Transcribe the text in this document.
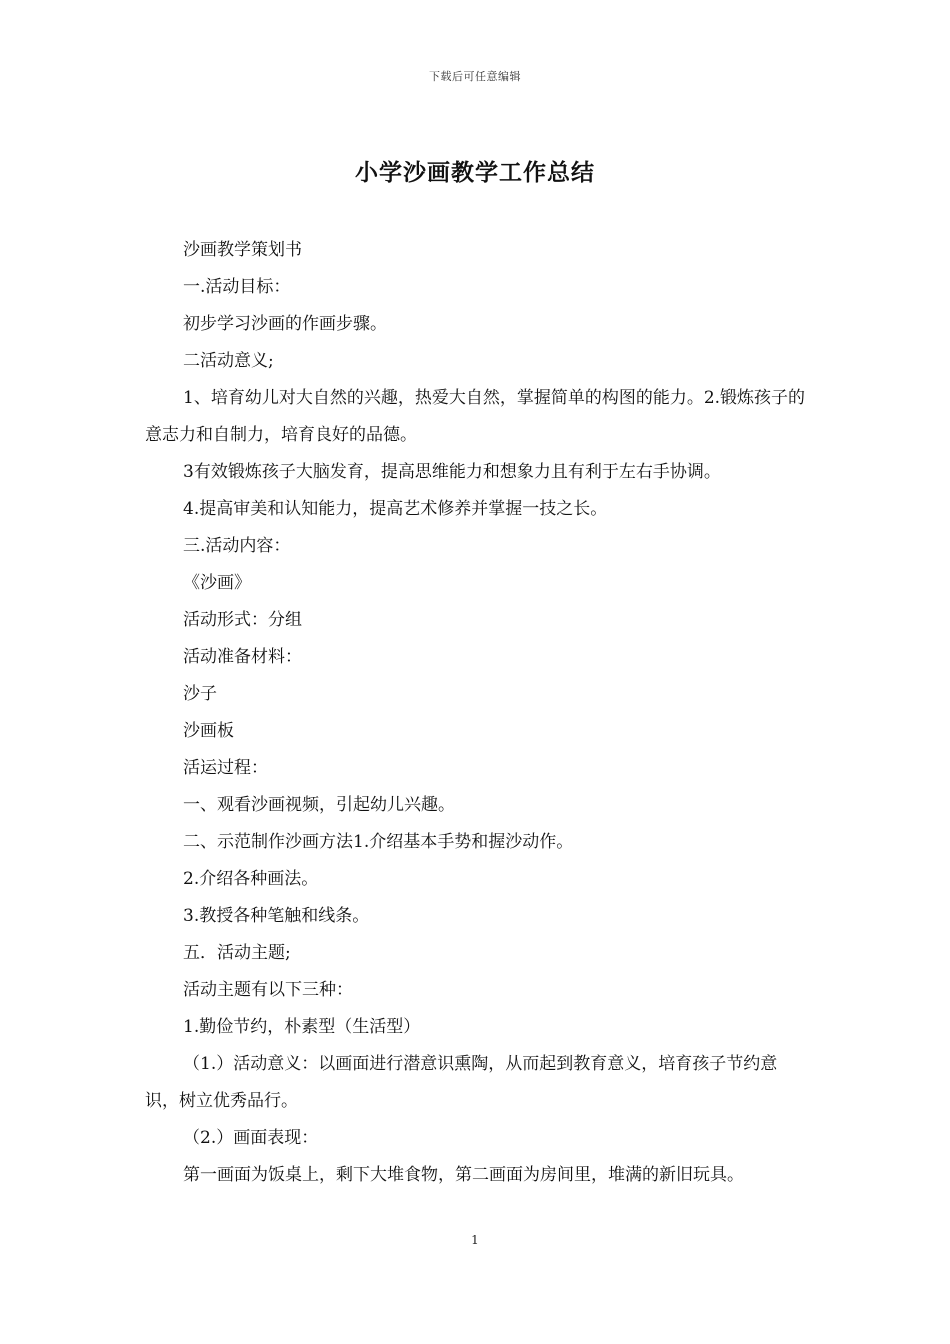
下载后可任意编辑
小学沙画教学工作总结

沙画教学策划书

一.活动目标：

初步学习沙画的作画步骤。

二活动意义;

1、培育幼儿对大自然的兴趣，热爱大自然，掌握简单的构图的能力。2.锻炼孩子的意志力和自制力，培育良好的品德。

3有效锻炼孩子大脑发育，提高思维能力和想象力且有利于左右手协调。

4.提高审美和认知能力，提高艺术修养并掌握一技之长。

三.活动内容：

《沙画》

活动形式：分组

活动准备材料：

沙子

沙画板

活运过程：

一、观看沙画视频，引起幼儿兴趣。

二、示范制作沙画方法1.介绍基本手势和握沙动作。

2.介绍各种画法。

3.教授各种笔触和线条。

五．活动主题;

活动主题有以下三种：

1.勤俭节约，朴素型（生活型）

（1.）活动意义：以画面进行潜意识熏陶，从而起到教育意义，培育孩子节约意识，树立优秀品行。

（2.）画面表现：

第一画面为饭桌上，剩下大堆食物，第二画面为房间里，堆满的新旧玩具。

1
